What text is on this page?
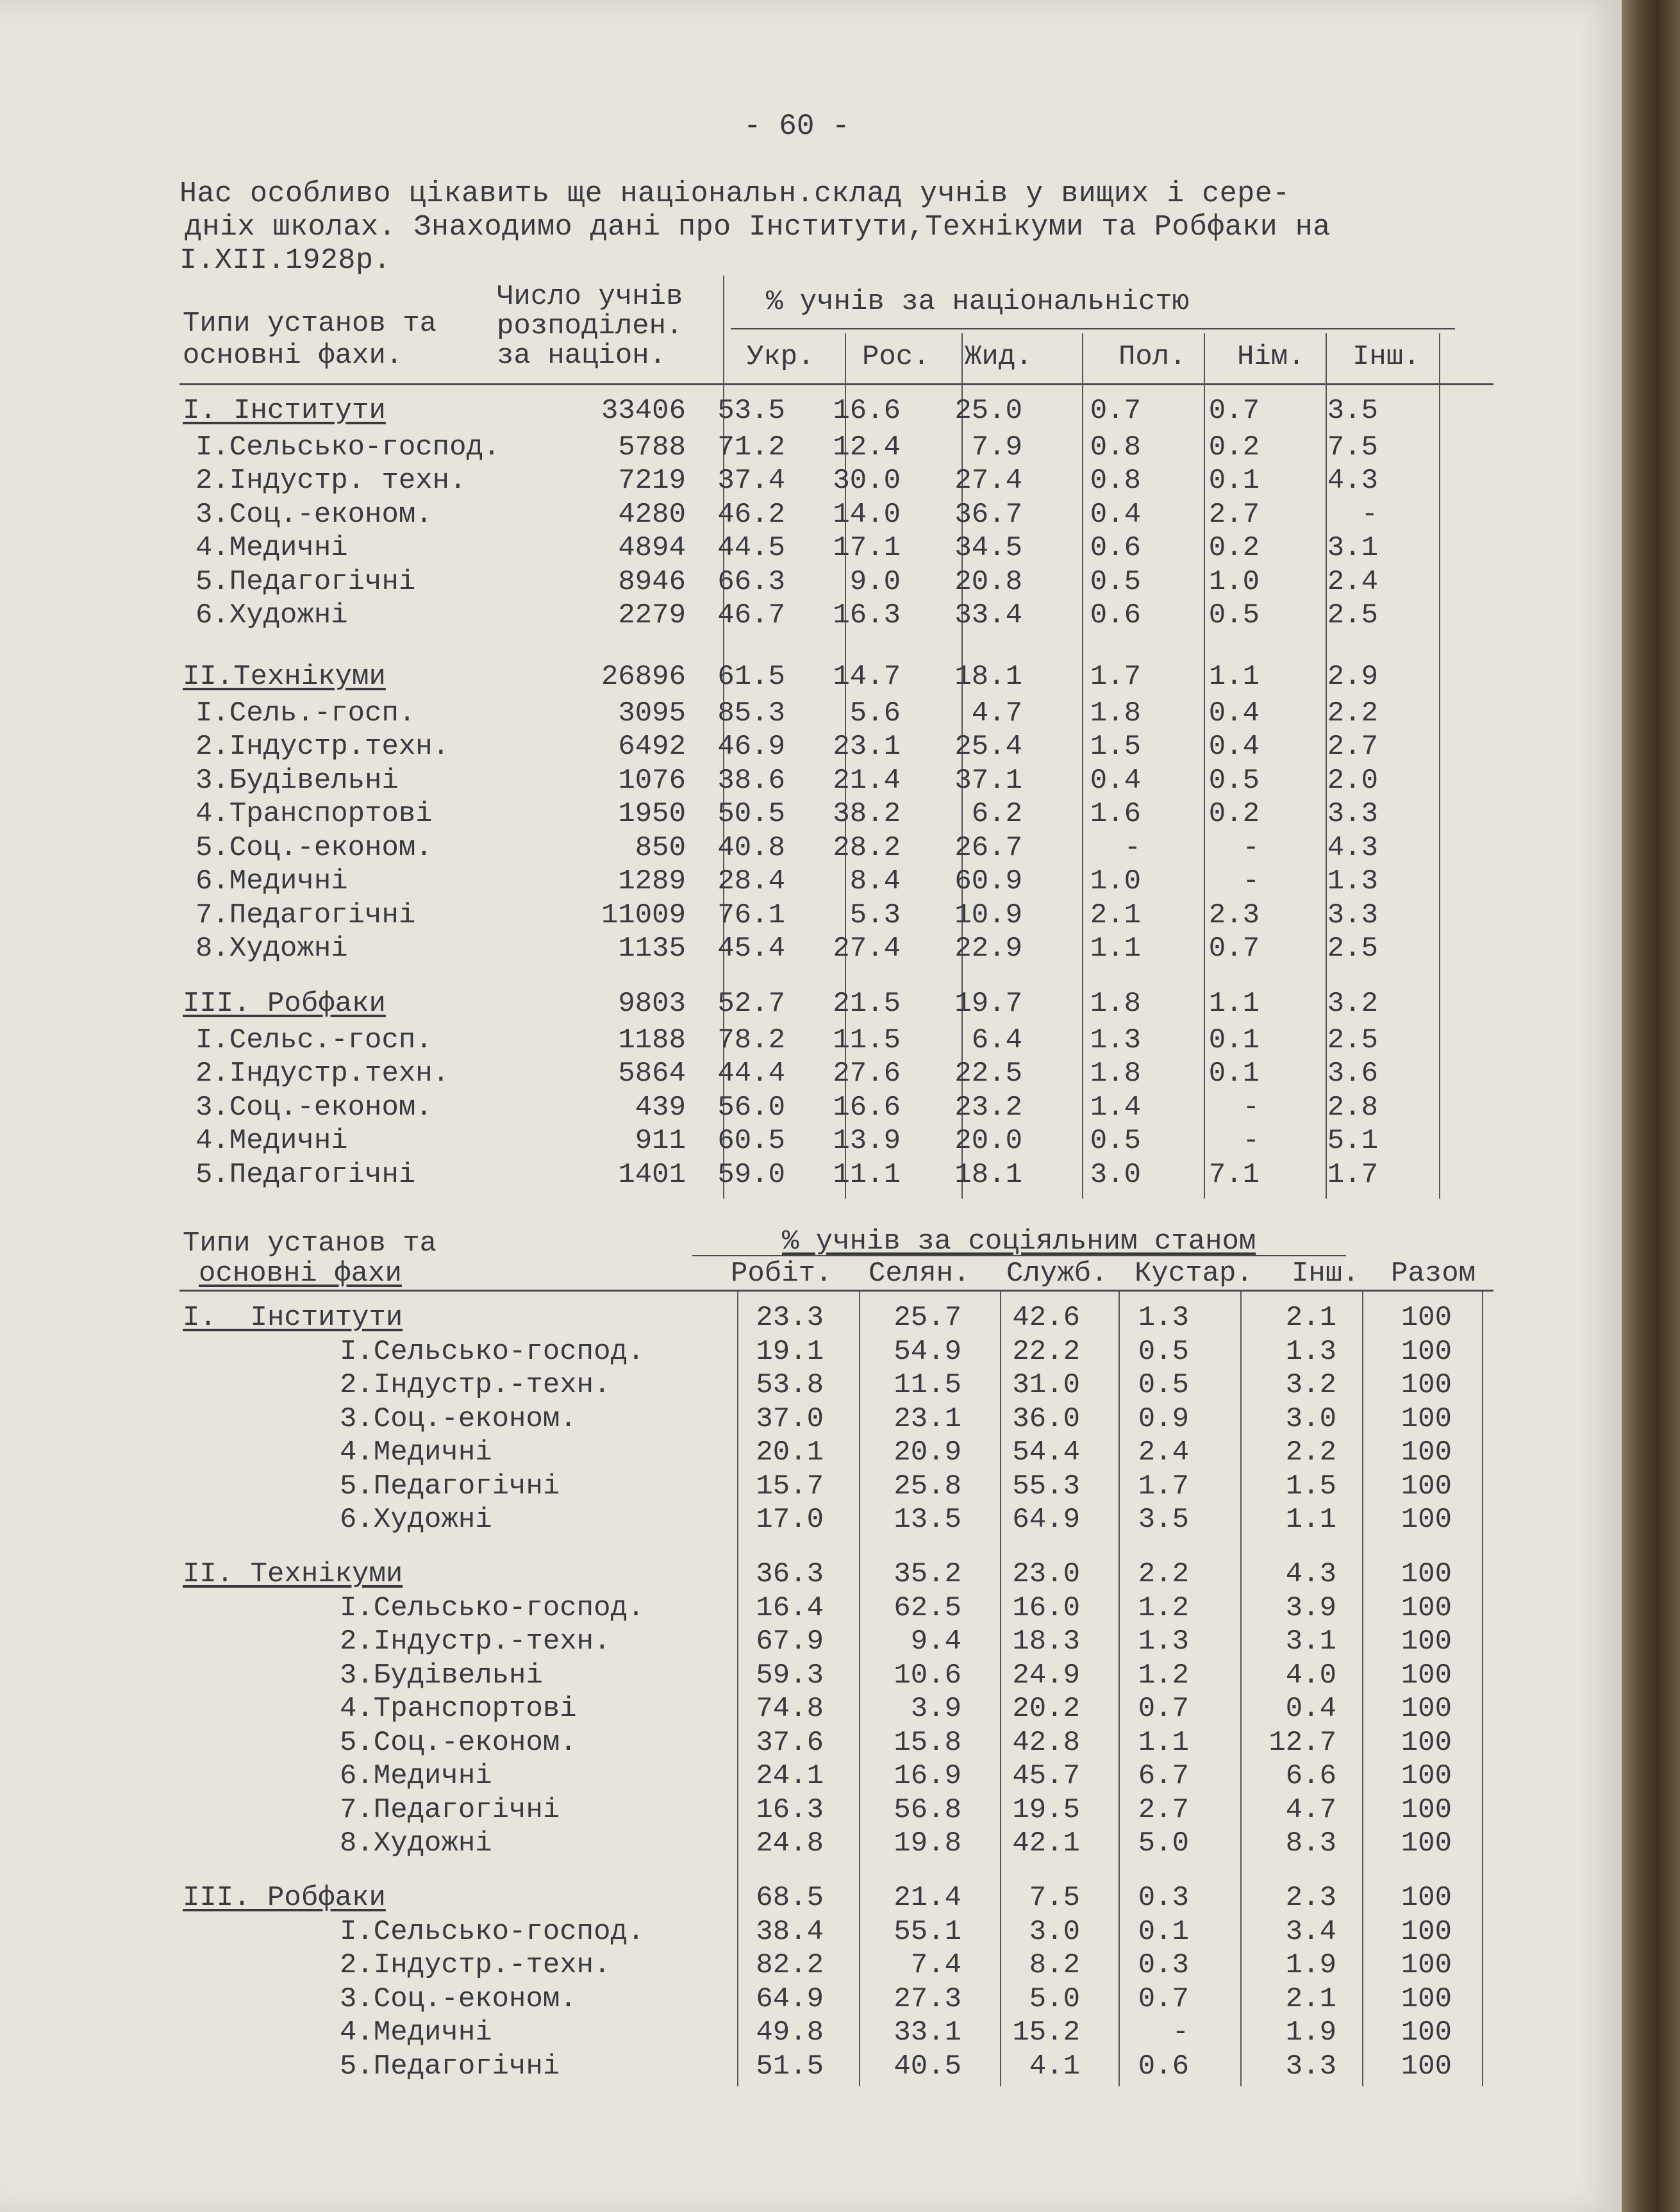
- 60 -
Нас особливо цікавить ще національн.склад учнів у вищих і сере-
дніх школах. Знаходимо дані про Інститути,Технікуми та Робфаки на
І.ХІІ.1928р.
Типи установ та
основні фахи.
Число учнів
розподілен.
за націон.
% учнів за національністю
Укр. Рос. Жид.	Пол. Нім. Інш.
І. Інститути	33406	53.5	16.6	25.0	0.7	0.7	3.5
І.Сельсько-господ.	5788	71.2	12.4	7.9	0.8	0.2	7.5
2.Індустр. техн.	7219	37.4	30.0	27.4	0.8	0.1	4.3
3.Соц.-економ.	4280	46.2	14.0	36.7	0.4	2.7	-
4.Медичні	4894	44.5	17.1	34.5	0.6	0.2	3.1
5.Педагогічні	8946	66.3	9.0	20.8	0.5	1.0	2.4
6.Художні	2279	46.7	16.3	33.4	0.6	0.5	2.5
ІІ.Технікуми	26896	61.5	14.7	18.1	1.7	1.1	2.9
І.Сель.-госп.	3095	85.3	5.6	4.7	1.8	0.4	2.2
2.Індустр.техн.	6492	46.9	23.1	25.4	1.5	0.4	2.7
3.Будівельні	1076	38.6	21.4	37.1	0.4	0.5	2.0
4.Транспортові	1950	50.5	38.2	6.2	1.6	0.2	3.3
5.Соц.-економ.	850	40.8	28.2	26.7	-	-	4.3
6.Медичні	1289	28.4	8.4	60.9	1.0	-	1.3
7.Педагогічні	11009	76.1	5.3	10.9	2.1	2.3	3.3
8.Художні	1135	45.4	27.4	22.9	1.1	0.7	2.5
ІІІ. Робфаки	9803	52.7	21.5	19.7	1.8	1.1	3.2
І.Сельс.-госп.	1188	78.2	11.5	6.4	1.3	0.1	2.5
2.Індустр.техн.	5864	44.4	27.6	22.5	1.8	0.1	3.6
3.Соц.-економ.	439	56.0	16.6	23.2	1.4	-	2.8
4.Медичні	911	60.5	13.9	20.0	0.5	-	5.1
5.Педагогічні	1401	59.0	11.1	18.1	3.0	7.1	1.7
Типи установ та
основні фахи
% учнів за соціяльним станом
Робіт. Селян. Служб. Кустар. Інш. Разом
І.  Інститути	23.3	25.7	42.6	1.3	2.1	100
І.Сельсько-господ.	19.1	54.9	22.2	0.5	1.3	100
2.Індустр.-техн.	53.8	11.5	31.0	0.5	3.2	100
3.Соц.-економ.	37.0	23.1	36.0	0.9	3.0	100
4.Медичні	20.1	20.9	54.4	2.4	2.2	100
5.Педагогічні	15.7	25.8	55.3	1.7	1.5	100
6.Художні	17.0	13.5	64.9	3.5	1.1	100
ІІ. Технікуми	36.3	35.2	23.0	2.2	4.3	100
І.Сельсько-господ.	16.4	62.5	16.0	1.2	3.9	100
2.Індустр.-техн.	67.9	9.4	18.3	1.3	3.1	100
3.Будівельні	59.3	10.6	24.9	1.2	4.0	100
4.Транспортові	74.8	3.9	20.2	0.7	0.4	100
5.Соц.-економ.	37.6	15.8	42.8	1.1	12.7	100
6.Медичні	24.1	16.9	45.7	6.7	6.6	100
7.Педагогічні	16.3	56.8	19.5	2.7	4.7	100
8.Художні	24.8	19.8	42.1	5.0	8.3	100
ІІІ. Робфаки	68.5	21.4	7.5	0.3	2.3	100
І.Сельсько-господ.	38.4	55.1	3.0	0.1	3.4	100
2.Індустр.-техн.	82.2	7.4	8.2	0.3	1.9	100
3.Соц.-економ.	64.9	27.3	5.0	0.7	2.1	100
4.Медичні	49.8	33.1	15.2	-	1.9	100
5.Педагогічні	51.5	40.5	4.1	0.6	3.3	100
